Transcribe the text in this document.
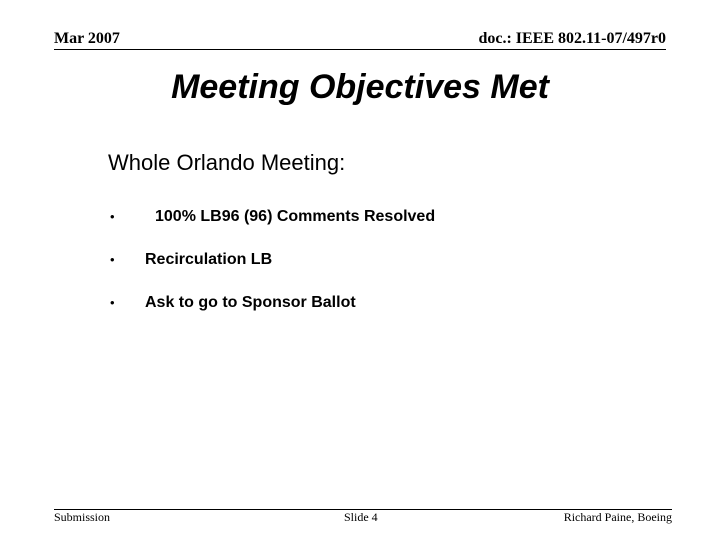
Mar 2007	doc.: IEEE 802.11-07/497r0
Meeting Objectives Met
Whole Orlando Meeting:
•	100% LB96 (96) Comments Resolved
• Recirculation LB
• Ask to go to Sponsor Ballot
Submission	Slide 4	Richard Paine, Boeing
